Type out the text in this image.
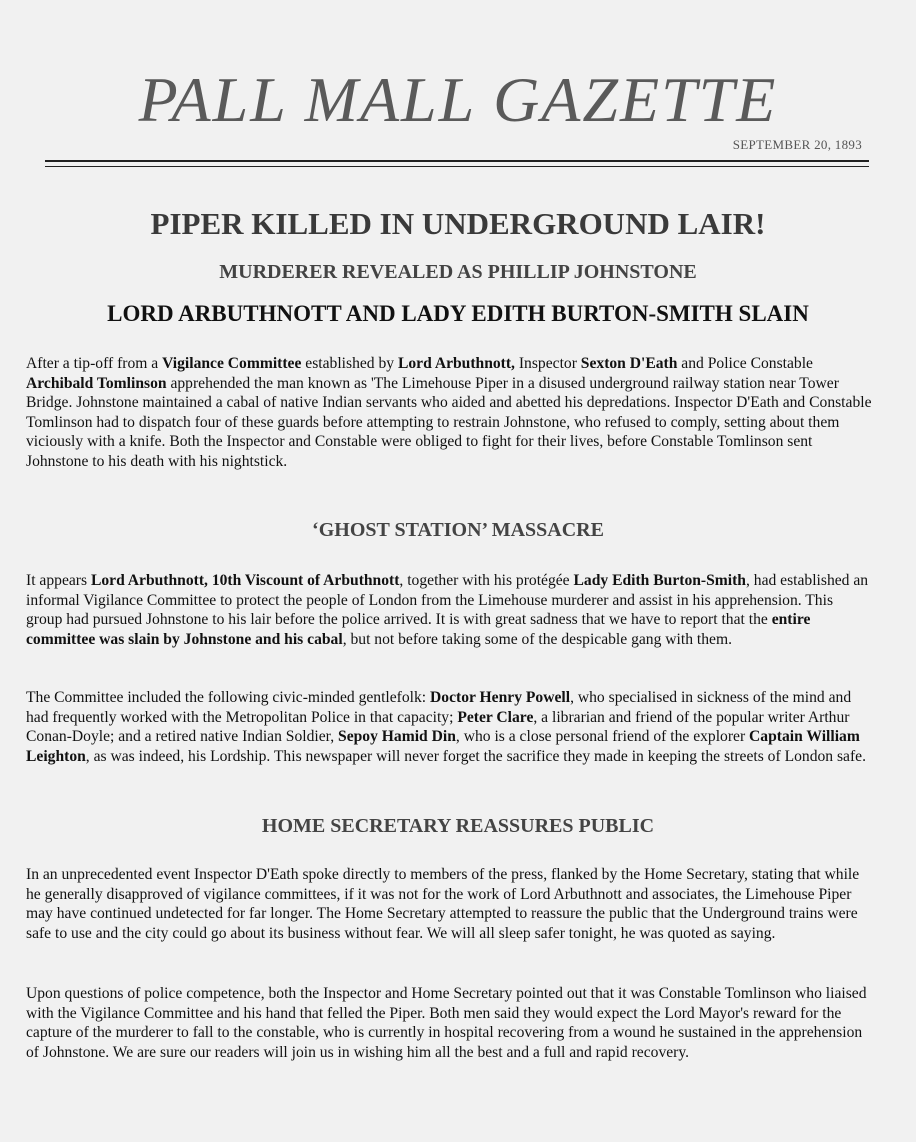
PALL MALL GAZETTE
SEPTEMBER 20, 1893
PIPER KILLED IN UNDERGROUND LAIR!
MURDERER REVEALED AS PHILLIP JOHNSTONE
LORD ARBUTHNOTT AND LADY EDITH BURTON-SMITH SLAIN

After a tip-off from a Vigilance Committee established by Lord Arbuthnott, Inspector Sexton D'Eath and Police Constable Archibald Tomlinson apprehended the man known as 'The Limehouse Piper in a disused underground railway station near Tower Bridge. Johnstone maintained a cabal of native Indian servants who aided and abetted his depredations. Inspector D'Eath and Constable Tomlinson had to dispatch four of these guards before attempting to restrain Johnstone, who refused to comply, setting about them viciously with a knife. Both the Inspector and Constable were obliged to fight for their lives, before Constable Tomlinson sent Johnstone to his death with his nightstick.

‘GHOST STATION’ MASSACRE

It appears Lord Arbuthnott, 10th Viscount of Arbuthnott, together with his protégée Lady Edith Burton-Smith, had established an informal Vigilance Committee to protect the people of London from the Limehouse murderer and assist in his apprehension. This group had pursued Johnstone to his lair before the police arrived. It is with great sadness that we have to report that the entire committee was slain by Johnstone and his cabal, but not before taking some of the despicable gang with them.

The Committee included the following civic-minded gentlefolk: Doctor Henry Powell, who specialised in sickness of the mind and had frequently worked with the Metropolitan Police in that capacity; Peter Clare, a librarian and friend of the popular writer Arthur Conan-Doyle; and a retired native Indian Soldier, Sepoy Hamid Din, who is a close personal friend of the explorer Captain William Leighton, as was indeed, his Lordship. This newspaper will never forget the sacrifice they made in keeping the streets of London safe.

HOME SECRETARY REASSURES PUBLIC

In an unprecedented event Inspector D'Eath spoke directly to members of the press, flanked by the Home Secretary, stating that while he generally disapproved of vigilance committees, if it was not for the work of Lord Arbuthnott and associates, the Limehouse Piper may have continued undetected for far longer. The Home Secretary attempted to reassure the public that the Underground trains were safe to use and the city could go about its business without fear. We will all sleep safer tonight, he was quoted as saying.

Upon questions of police competence, both the Inspector and Home Secretary pointed out that it was Constable Tomlinson who liaised with the Vigilance Committee and his hand that felled the Piper. Both men said they would expect the Lord Mayor's reward for the capture of the murderer to fall to the constable, who is currently in hospital recovering from a wound he sustained in the apprehension of Johnstone. We are sure our readers will join us in wishing him all the best and a full and rapid recovery.
